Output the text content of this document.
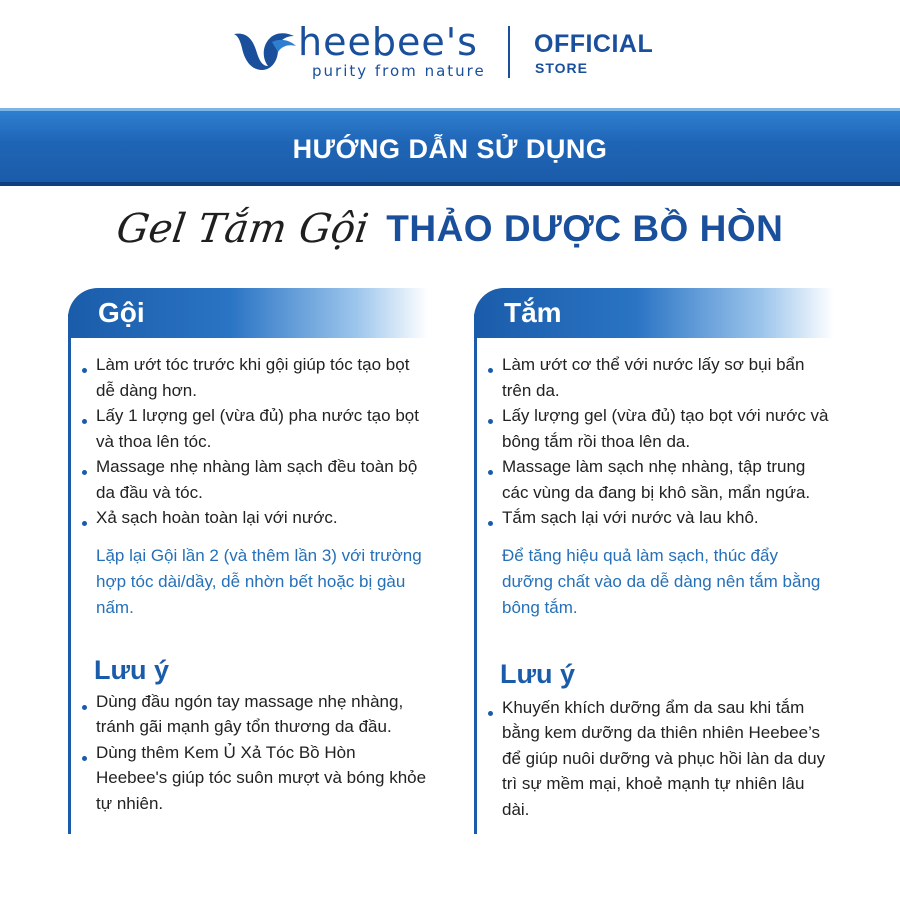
heebee's
purity from nature
OFFICIAL
STORE
HƯỚNG DẪN SỬ DỤNG
Gel Tắm Gội THẢO DƯỢC BỒ HÒN
Gội
Làm ướt tóc trước khi gội giúp tóc tạo bọt dễ dàng hơn.
Lấy 1 lượng gel (vừa đủ) pha nước tạo bọt và thoa lên tóc.
Massage nhẹ nhàng làm sạch đều toàn bộ da đầu và tóc.
Xả sạch hoàn toàn lại với nước.
Lặp lại Gội lần 2 (và thêm lần 3) với trường hợp tóc dài/dầy, dễ nhờn bết hoặc bị gàu nấm.
Lưu ý
Dùng đầu ngón tay massage nhẹ nhàng, tránh gãi mạnh gây tổn thương da đầu.
Dùng thêm Kem Ủ Xả Tóc Bồ Hòn Heebee's giúp tóc suôn mượt và bóng khỏe tự nhiên.
Tắm
Làm ướt cơ thể với nước lấy sơ bụi bẩn trên da.
Lấy lượng gel (vừa đủ) tạo bọt với nước và bông tắm rồi thoa lên da.
Massage làm sạch nhẹ nhàng, tập trung các vùng da đang bị khô sần, mẩn ngứa.
Tắm sạch lại với nước và lau khô.
Để tăng hiệu quả làm sạch, thúc đẩy dưỡng chất vào da dễ dàng nên tắm bằng bông tắm.
Lưu ý
Khuyến khích dưỡng ẩm da sau khi tắm bằng kem dưỡng da thiên nhiên Heebee’s để giúp nuôi dưỡng và phục hồi làn da duy trì sự mềm mại, khoẻ mạnh tự nhiên lâu dài.
